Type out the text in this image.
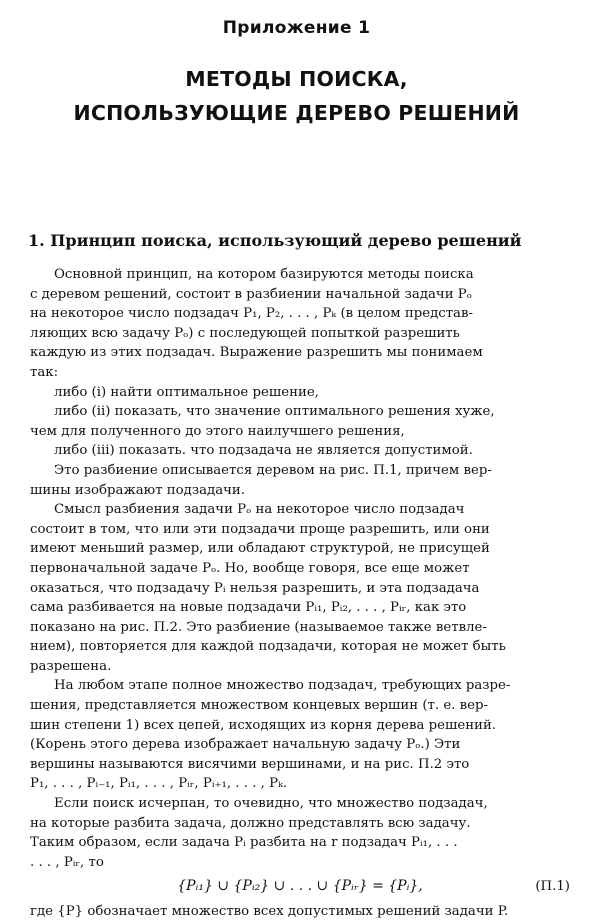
Приложение 1
МЕТОДЫ ПОИСКА,
ИСПОЛЬЗУЮЩИЕ ДЕРЕВО РЕШЕНИЙ
1. Принцип поиска, использующий дерево решений
Основной принцип, на котором базируются методы поиска
с деревом решений, состоит в разбиении начальной задачи Pₒ
на некоторое число подзадач P₁, P₂, . . . , Pₖ (в целом представ-
ляющих всю задачу Pₒ) с последующей попыткой разрешить
каждую из этих подзадач. Выражение разрешить мы понимаем
так:
либо (i) найти оптимальное решение,
либо (ii) показать, что значение оптимального решения хуже,
чем для полученного до этого наилучшего решения,
либо (iii) показать. что подзадача не является допустимой.
Это разбиение описывается деревом на рис. П.1, причем вер-
шины изображают подзадачи.
Смысл разбиения задачи Pₒ на некоторое число подзадач
состоит в том, что или эти подзадачи проще разрешить, или они
имеют меньший размер, или обладают структурой, не присущей
первоначальной задаче Pₒ. Но, вообще говоря, все еще может
оказаться, что подзадачу Pᵢ нельзя разрешить, и эта подзадача
сама разбивается на новые подзадачи Pᵢ₁, Pᵢ₂, . . . , Pᵢᵣ, как это
показано на рис. П.2. Это разбиение (называемое также ветвле-
нием), повторяется для каждой подзадачи, которая не может быть
разрешена.
На любом этапе полное множество подзадач, требующих разре-
шения, представляется множеством концевых вершин (т. е. вер-
шин степени 1) всех цепей, исходящих из корня дерева решений.
(Корень этого дерева изображает начальную задачу Pₒ.) Эти
вершины называются висячими вершинами, и на рис. П.2 это
P₁, . . . , Pᵢ₋₁, Pᵢ₁, . . . , Pᵢᵣ, Pᵢ₊₁, . . . , Pₖ.
Если поиск исчерпан, то очевидно, что множество подзадач,
на которые разбита задача, должно представлять всю задачу.
Таким образом, если задача Pᵢ разбита на r подзадач Pᵢ₁, . . .
. . . , Pᵢᵣ, то
{Pᵢ₁} ∪ {Pᵢ₂} ∪ . . . ∪ {Pᵢᵣ} = {Pᵢ},	(П.1)
где {P} обозначает множество всех допустимых решений задачи P.
